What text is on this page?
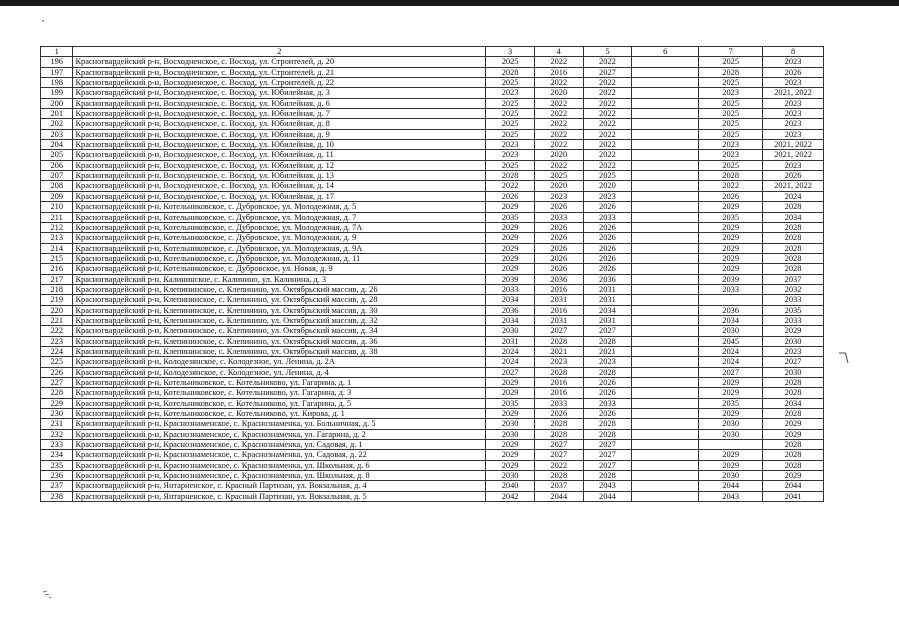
1	2	3	4	5	6	7	8
196	Красногвардейский р-н, Восходненское, с. Восход, ул. Строителей, д. 20	2025	2022	2022		2025	2023
197	Красногвардейский р-н, Восходненское, с. Восход, ул. Строителей, д. 21	2028	2016	2027		2028	2026
198	Красногвардейский р-н, Восходненское, с. Восход, ул. Строителей, д. 22	2025	2022	2022		2025	2023
199	Красногвардейский р-н, Восходненское, с. Восход, ул. Юбилейная, д. 3	2023	2020	2022		2023	2021, 2022
200	Красногвардейский р-н, Восходненское, с. Восход, ул. Юбилейная, д. 6	2025	2022	2022		2025	2023
201	Красногвардейский р-н, Восходненское, с. Восход, ул. Юбилейная, д. 7	2025	2022	2022		2025	2023
202	Красногвардейский р-н, Восходненское, с. Восход, ул. Юбилейная, д. 8	2025	2022	2022		2025	2023
203	Красногвардейский р-н, Восходненское, с. Восход, ул. Юбилейная, д. 9	2025	2022	2022		2025	2023
204	Красногвардейский р-н, Восходненское, с. Восход, ул. Юбилейная, д. 10	2023	2022	2022		2023	2021, 2022
205	Красногвардейский р-н, Восходненское, с. Восход, ул. Юбилейная, д. 11	2023	2020	2022		2023	2021, 2022
206	Красногвардейский р-н, Восходненское, с. Восход, ул. Юбилейная, д. 12	2025	2022	2022		2025	2023
207	Красногвардейский р-н, Восходненское, с. Восход, ул. Юбилейная, д. 13	2028	2025	2025		2028	2026
208	Красногвардейский р-н, Восходненское, с. Восход, ул. Юбилейная, д. 14	2022	2020	2020		2022	2021, 2022
209	Красногвардейский р-н, Восходненское, с. Восход, ул. Юбилейная, д. 17	2026	2023	2023		2026	2024
210	Красногвардейский р-н, Котельниковское, с. Дубровское, ул. Молодежная, д. 5	2029	2026	2026		2029	2028
211	Красногвардейский р-н, Котельниковское, с. Дубровское, ул. Молодежная, д. 7	2035	2033	2033		2035	2034
212	Красногвардейский р-н, Котельниковское, с. Дубровское, ул. Молодежная, д. 7А	2029	2026	2026		2029	2028
213	Красногвардейский р-н, Котельниковское, с. Дубровское, ул. Молодежная, д. 9	2029	2026	2026		2029	2028
214	Красногвардейский р-н, Котельниковское, с. Дубровское, ул. Молодежная, д. 9А	2029	2026	2026		2029	2028
215	Красногвардейский р-н, Котельниковское, с. Дубровское, ул. Молодежная, д. 11	2029	2026	2026		2029	2028
216	Красногвардейский р-н, Котельниковское, с. Дубровское, ул. Новая, д. 9	2029	2026	2026		2029	2028
217	Красногвардейский р-н, Калининское, с. Калинино, ул. Калинина, д. 3	2039	2036	2036		2039	2037
218	Красногвардейский р-н, Клепининское, с. Клепинино, ул. Октябрьский массив, д. 26	2033	2016	2031		2033	2032
219	Красногвардейский р-н, Клепининское, с. Клепинино, ул. Октябрьский массив, д. 28	2034	2031	2031			2033
220	Красногвардейский р-н, Клепининское, с. Клепинино, ул. Октябрьский массив, д. 30	2036	2016	2034		2036	2035
221	Красногвардейский р-н, Клепининское, с. Клепинино, ул. Октябрьский массив, д. 32	2034	2031	2031		2034	2033
222	Красногвардейский р-н, Клепининское, с. Клепинино, ул. Октябрьский массив, д. 34	2030	2027	2027		2030	2029
223	Красногвардейский р-н, Клепининское, с. Клепинино, ул. Октябрьский массив, д. 36	2031	2028	2028		2045	2030
224	Красногвардейский р-н, Клепининское, с. Клепинино, ул. Октябрьский массив, д. 38	2024	2021	2021		2024	2023
225	Красногвардейский р-н, Колодезянское, с. Колодезное, ул. Ленина, д. 2А	2024	2023	2023		2024	2027
226	Красногвардейский р-н, Колодезянское, с. Колодезное, ул. Ленина, д. 4	2027	2028	2028		2027	2030
227	Красногвардейский р-н, Котельниковское, с. Котельниково, ул. Гагарина, д. 1	2029	2016	2026		2029	2028
228	Красногвардейский р-н, Котельниковское, с. Котельниково, ул. Гагарина, д. 3	2029	2016	2026		2029	2028
229	Красногвардейский р-н, Котельниковское, с. Котельниково, ул. Гагарина, д. 5	2035	2033	2033		2035	2034
230	Красногвардейский р-н, Котельниковское, с. Котельниково, ул. Кирова, д. 1	2029	2026	2026		2029	2028
231	Красногвардейский р-н, Краснознаменское, с. Краснознаменка, ул. Больничная, д. 5	2030	2028	2028		2030	2029
232	Красногвардейский р-н, Краснознаменское, с. Краснознаменка, ул. Гагарина, д. 2	2030	2028	2028		2030	2029
233	Красногвардейский р-н, Краснознаменское, с. Краснознаменка, ул. Садовая, д. 1	2029	2027	2027			2028
234	Красногвардейский р-н, Краснознаменское, с. Краснознаменка, ул. Садовая, д. 22	2029	2027	2027		2029	2028
235	Красногвардейский р-н, Краснознаменское, с. Краснознаменка, ул. Школьная, д. 6	2029	2022	2027		2029	2028
236	Красногвардейский р-н, Краснознаменское, с. Краснознаменка, ул. Школьная, д. 8	2030	2028	2028		2030	2029
237	Красногвардейский р-н, Янтарненское, с. Красный Партизан, ул. Вокзальная, д. 4	2040	2037	2043		2044	2044
238	Красногвардейский р-н, Янтарненское, с. Красный Партизан, ул. Вокзальная, д. 5	2042	2044	2044		2043	2041
